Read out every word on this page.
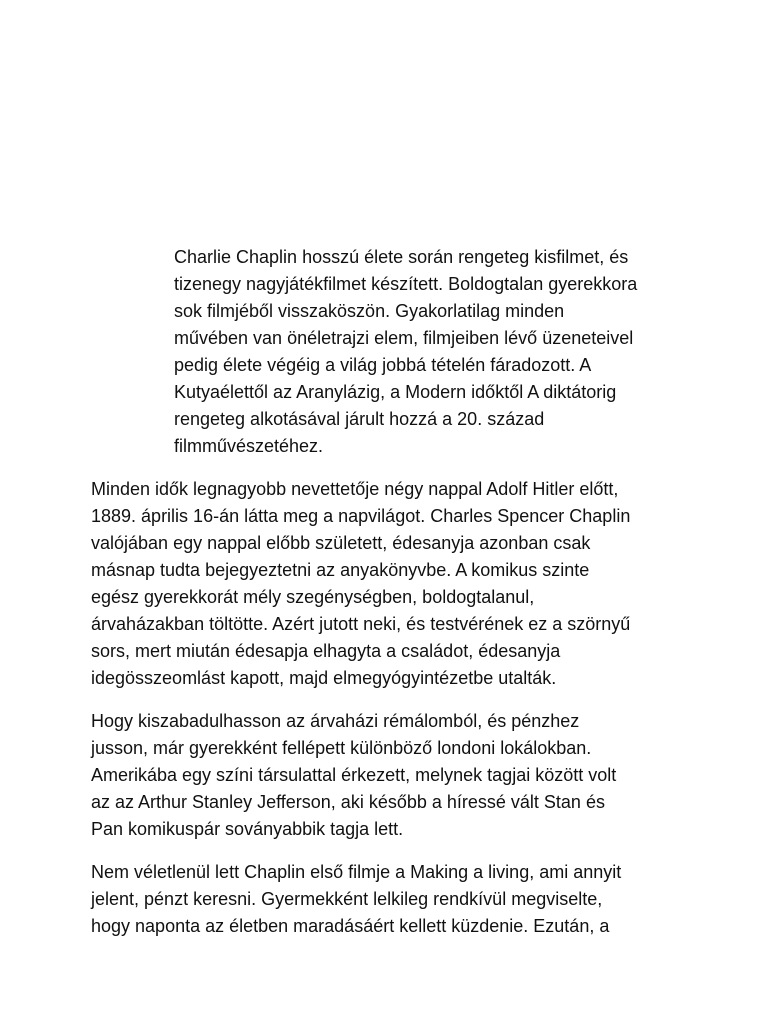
Charlie Chaplin hosszú élete során rengeteg kisfilmet, és

tizenegy nagyjátékfilmet készített. Boldogtalan gyerekkora

sok filmjéből visszaköszön. Gyakorlatilag minden

művében van önéletrajzi elem, filmjeiben lévő üzeneteivel

pedig élete végéig a világ jobbá tételén fáradozott. A

Kutyaélettől az Aranylázig, a Modern időktől A diktátorig

rengeteg alkotásával járult hozzá a 20. század

filmművészetéhez.

Minden idők legnagyobb nevettetője négy nappal Adolf Hitler előtt,

1889. április 16-án látta meg a napvilágot. Charles Spencer Chaplin

valójában egy nappal előbb született, édesanyja azonban csak

másnap tudta bejegyeztetni az anyakönyvbe. A komikus szinte

egész gyerekkorát mély szegénységben, boldogtalanul,

árvaházakban töltötte. Azért jutott neki, és testvérének ez a szörnyű

sors, mert miután édesapja elhagyta a családot, édesanyja

idegösszeomlást kapott, majd elmegyógyintézetbe utalták.

Hogy kiszabadulhasson az árvaházi rémálomból, és pénzhez

jusson, már gyerekként fellépett különböző londoni lokálokban.

Amerikába egy színi társulattal érkezett, melynek tagjai között volt

az az Arthur Stanley Jefferson, aki később a híressé vált Stan és

Pan komikuspár soványabbik tagja lett.

Nem véletlenül lett Chaplin első filmje a Making a living, ami annyit

jelent, pénzt keresni. Gyermekként lelkileg rendkívül megviselte,

hogy naponta az életben maradásáért kellett küzdenie. Ezután, a
